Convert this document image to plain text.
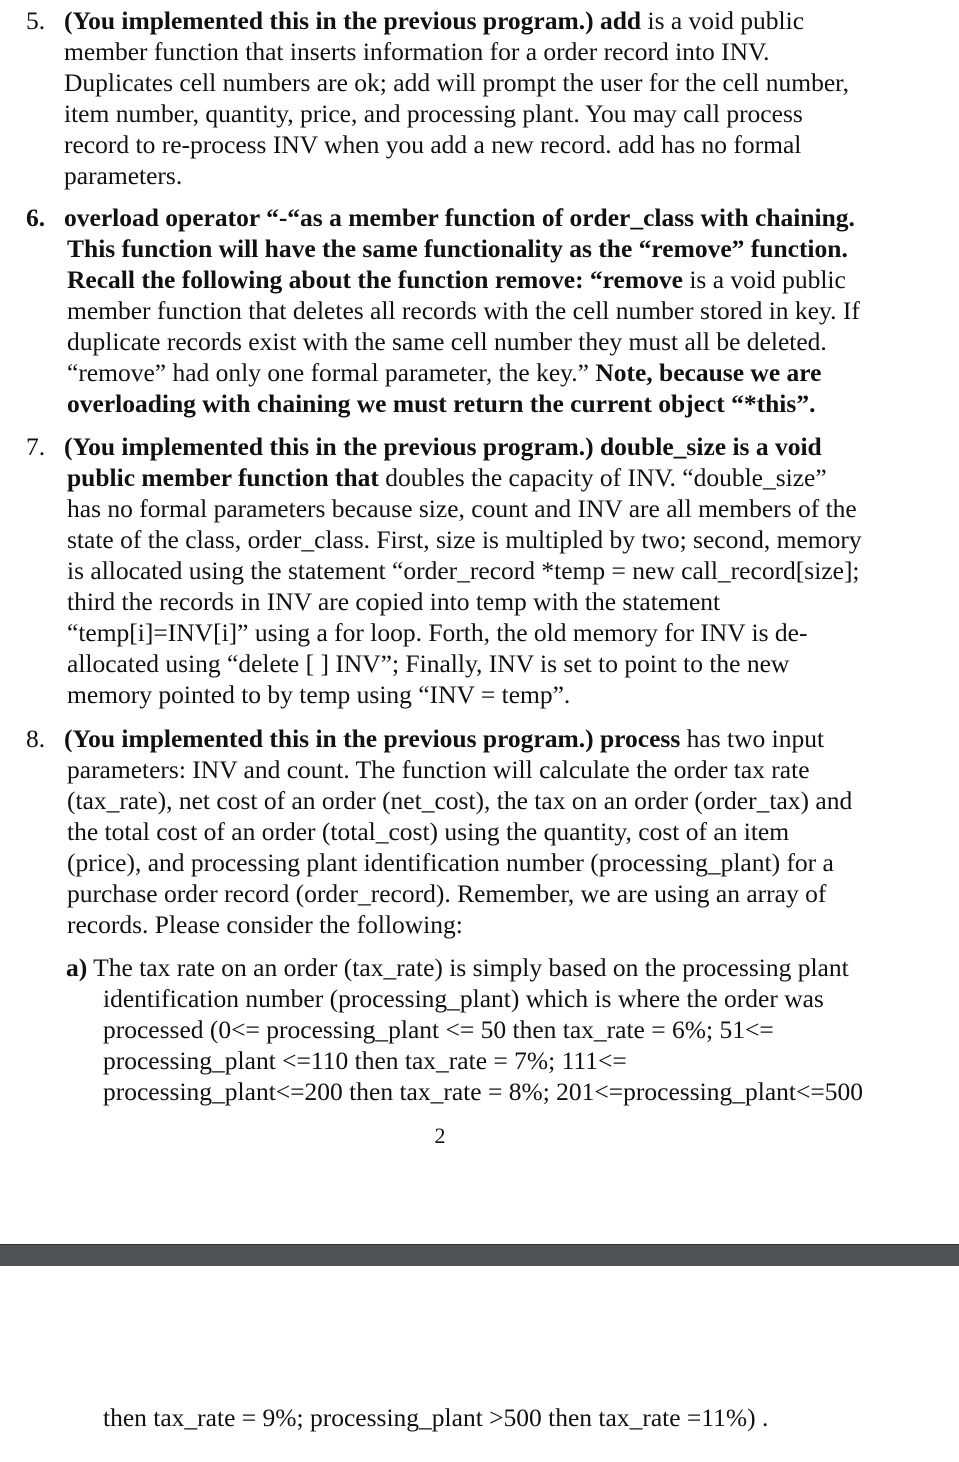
5. (You implemented this in the previous program.) add is a void public
member function that inserts information for a order record into INV.
Duplicates cell numbers are ok; add will prompt the user for the cell number,
item number, quantity, price, and processing plant. You may call process
record to re-process INV when you add a new record. add has no formal
parameters.
6. overload operator “-“as a member function of order_class with chaining.
This function will have the same functionality as the “remove” function.
Recall the following about the function remove: “remove is a void public
member function that deletes all records with the cell number stored in key. If
duplicate records exist with the same cell number they must all be deleted.
“remove” had only one formal parameter, the key.” Note, because we are
overloading with chaining we must return the current object “*this”.
7. (You implemented this in the previous program.) double_size is a void
public member function that doubles the capacity of INV. “double_size”
has no formal parameters because size, count and INV are all members of the
state of the class, order_class. First, size is multipled by two; second, memory
is allocated using the statement “order_record *temp = new call_record[size];
third the records in INV are copied into temp with the statement
“temp[i]=INV[i]” using a for loop. Forth, the old memory for INV is de-
allocated using “delete [ ] INV”; Finally, INV is set to point to the new
memory pointed to by temp using “INV = temp”.
8. (You implemented this in the previous program.) process has two input
parameters: INV and count. The function will calculate the order tax rate
(tax_rate), net cost of an order (net_cost), the tax on an order (order_tax) and
the total cost of an order (total_cost) using the quantity, cost of an item
(price), and processing plant identification number (processing_plant) for a
purchase order record (order_record). Remember, we are using an array of
records. Please consider the following:
a) The tax rate on an order (tax_rate) is simply based on the processing plant
identification number (processing_plant) which is where the order was
processed (0<= processing_plant <= 50 then tax_rate = 6%; 51<=
processing_plant <=110 then tax_rate = 7%; 111<=
processing_plant<=200 then tax_rate = 8%; 201<=processing_plant<=500
2
then tax_rate = 9%; processing_plant >500 then tax_rate =11%) .
